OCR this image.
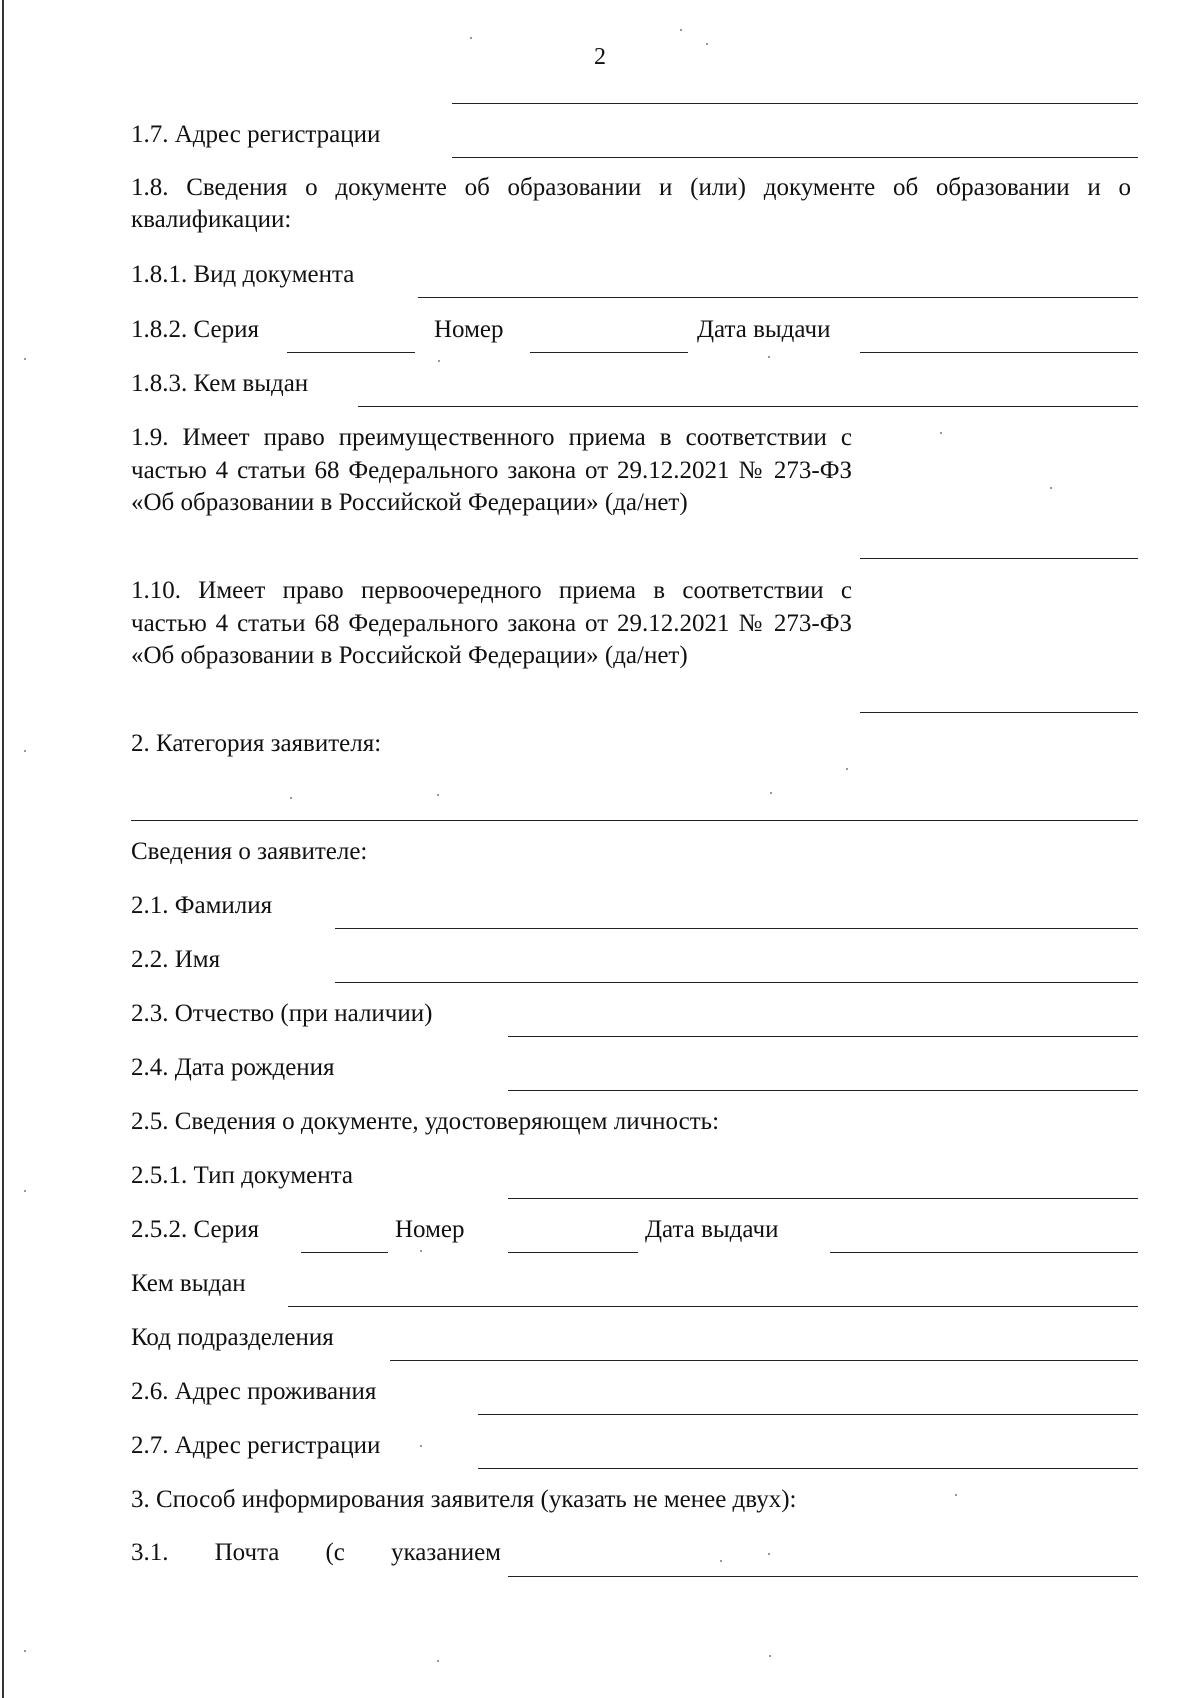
2
1.7. Адрес регистрации
1.8. Сведения о документе об образовании и (или) документе об образовании и о квалификации:
1.8.1. Вид документа
1.8.2. Серия	Номер	Дата выдачи
1.8.3. Кем выдан
1.9. Имеет право преимущественного приема в соответствии с частью 4 статьи 68 Федерального закона от 29.12.2021 № 273-ФЗ «Об образовании в Российской Федерации» (да/нет)
1.10. Имеет право первоочередного приема в соответствии с частью 4 статьи 68 Федерального закона от 29.12.2021 № 273-ФЗ «Об образовании в Российской Федерации» (да/нет)
2. Категория заявителя:
Сведения о заявителе:
2.1. Фамилия
2.2. Имя
2.3. Отчество (при наличии)
2.4. Дата рождения
2.5. Сведения о документе, удостоверяющем личность:
2.5.1. Тип документа
2.5.2. Серия	Номер	Дата выдачи
Кем выдан
Код подразделения
2.6. Адрес проживания
2.7. Адрес регистрации
3. Способ информирования заявителя (указать не менее двух):
3.1. Почта (с указанием
